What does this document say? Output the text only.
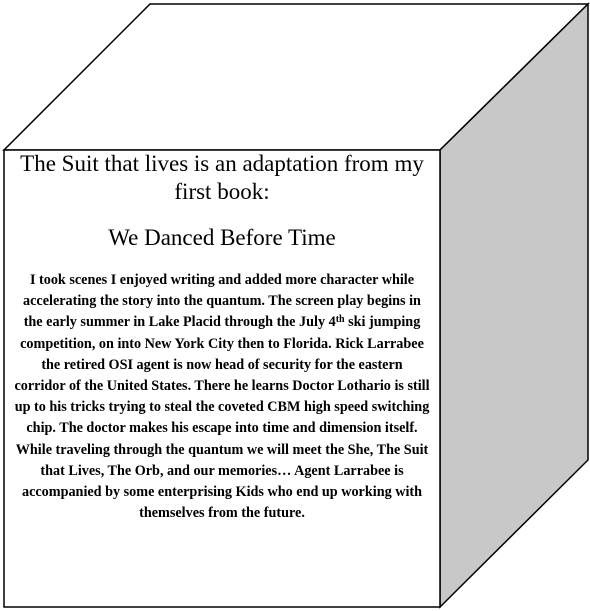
The Suit that lives is an adaptation from my first book:

We Danced Before Time

I took scenes I enjoyed writing and added more character while accelerating the story into the quantum. The screen play begins in the early summer in Lake Placid through the July 4th ski jumping competition, on into New York City then to Florida. Rick Larrabee the retired OSI agent is now head of security for the eastern corridor of the United States. There he learns Doctor Lothario is still up to his tricks trying to steal the coveted CBM high speed switching chip. The doctor makes his escape into time and dimension itself. While traveling through the quantum we will meet the She, The Suit that Lives, The Orb, and our memories… Agent Larrabee is accompanied by some enterprising Kids who end up working with themselves from the future.
